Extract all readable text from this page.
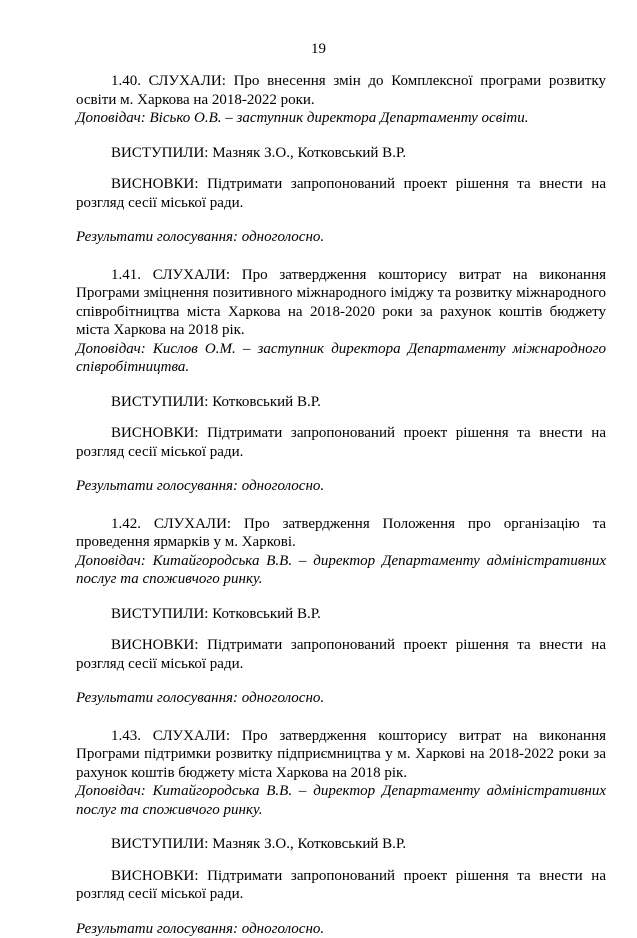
19

1.40. СЛУХАЛИ: Про внесення змін до Комплексної програми розвитку освіти м. Харкова на 2018-2022 роки.

Доповідач: Вісько О.В. – заступник директора Департаменту освіти.

ВИСТУПИЛИ: Мазняк З.О., Котковський В.Р.

ВИСНОВКИ: Підтримати запропонований проект рішення та внести на розгляд сесії міської ради.

Результати голосування: одноголосно.

1.41. СЛУХАЛИ: Про затвердження кошторису витрат на виконання Програми зміцнення позитивного міжнародного іміджу та розвитку міжнародного співробітництва міста Харкова на 2018-2020 роки за рахунок коштів бюджету міста Харкова на 2018 рік.

Доповідач: Кислов О.М. – заступник директора Департаменту міжнародного співробітництва.

ВИСТУПИЛИ: Котковський В.Р.

ВИСНОВКИ: Підтримати запропонований проект рішення та внести на розгляд сесії міської ради.

Результати голосування: одноголосно.

1.42. СЛУХАЛИ: Про затвердження Положення про організацію та проведення ярмарків у м. Харкові.

Доповідач: Китайгородська В.В. – директор Департаменту адміністративних послуг та споживчого ринку.

ВИСТУПИЛИ: Котковський В.Р.

ВИСНОВКИ: Підтримати запропонований проект рішення та внести на розгляд сесії міської ради.

Результати голосування: одноголосно.

1.43. СЛУХАЛИ: Про затвердження кошторису витрат на виконання Програми підтримки розвитку підприємництва у м. Харкові на 2018-2022 роки за рахунок коштів бюджету міста Харкова на 2018 рік.

Доповідач: Китайгородська В.В. – директор Департаменту адміністративних послуг та споживчого ринку.

ВИСТУПИЛИ: Мазняк З.О., Котковський В.Р.

ВИСНОВКИ: Підтримати запропонований проект рішення та внести на розгляд сесії міської ради.

Результати голосування: одноголосно.
